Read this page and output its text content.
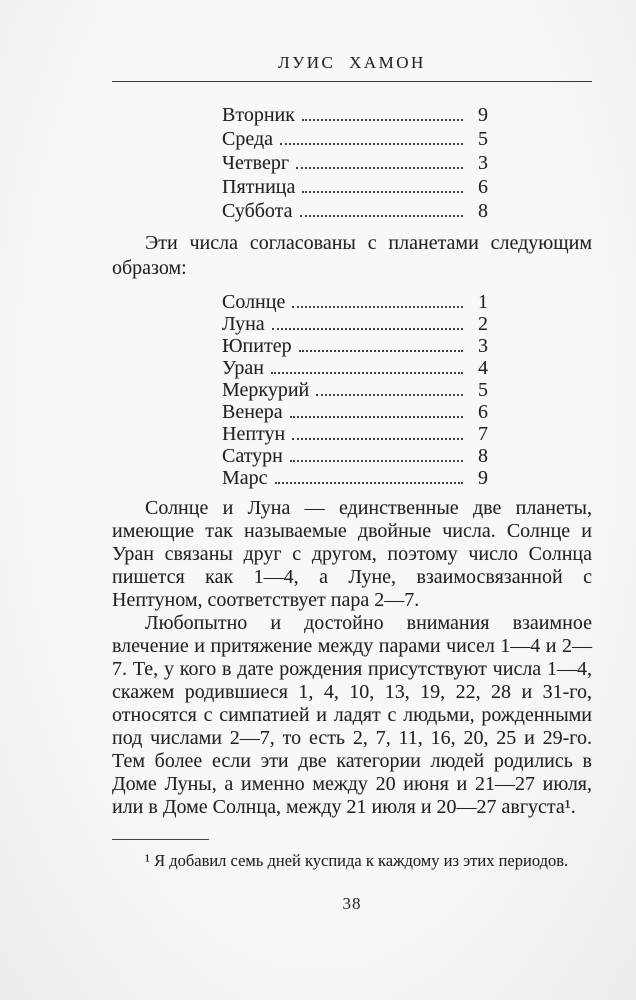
ЛУИС ХАМОН
Вторник	9
Среда	5
Четверг	3
Пятница	6
Суббота	8

Эти числа согласованы с планетами следующим образом:

Солнце	1
Луна	2
Юпитер	3
Уран	4
Меркурий	5
Венера	6
Нептун	7
Сатурн	8
Марс	9

Солнце и Луна — единственные две планеты, имеющие так называемые двойные числа. Солнце и Уран связаны друг с другом, поэтому число Солнца пишется как 1—4, а Луне, взаимосвязанной с Нептуном, соответствует пара 2—7.

Любопытно и достойно внимания взаимное влечение и притяжение между парами чисел 1—4 и 2—7. Те, у кого в дате рождения присутствуют числа 1—4, скажем родившиеся 1, 4, 10, 13, 19, 22, 28 и 31-го, относятся с симпатией и ладят с людьми, рожденными под числами 2—7, то есть 2, 7, 11, 16, 20, 25 и 29-го. Тем более если эти две категории людей родились в Доме Луны, а именно между 20 июня и 21—27 июля, или в Доме Солнца, между 21 июля и 20—27 августа¹.

¹ Я добавил семь дней куспида к каждому из этих периодов.
38
